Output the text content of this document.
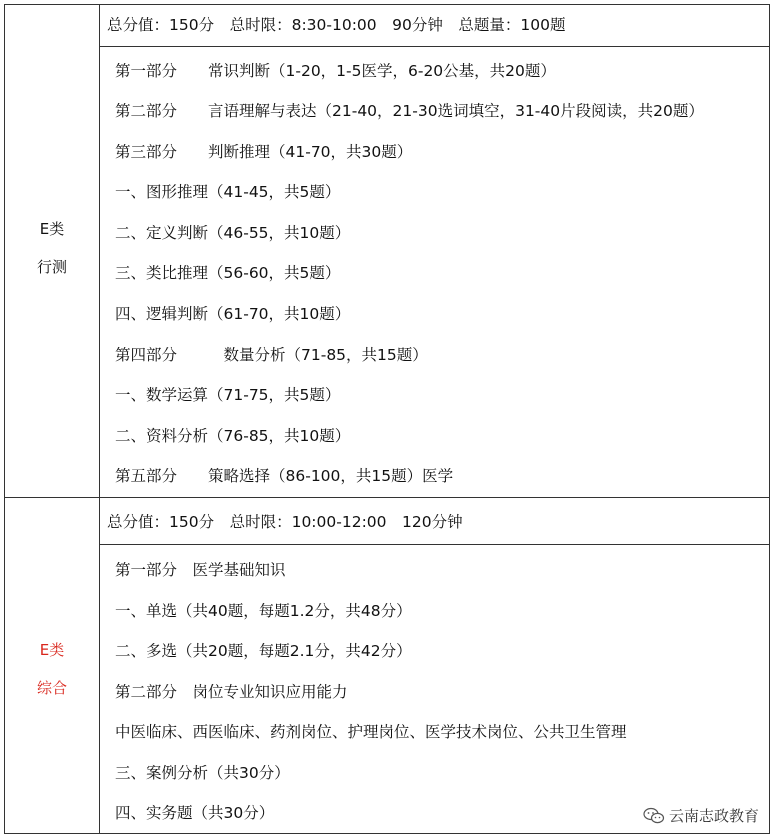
E类
行测
总分值：150分　总时限：8:30-10:00　90分钟　总题量：100题
第一部分　　常识判断（1-20，1-5医学，6-20公基，共20题）
第二部分　　言语理解与表达（21-40，21-30选词填空，31-40片段阅读，共20题）
第三部分　　判断推理（41-70，共30题）
一、图形推理（41-45，共5题）
二、定义判断（46-55，共10题）
三、类比推理（56-60，共5题）
四、逻辑判断（61-70，共10题）
第四部分　　　数量分析（71-85，共15题）
一、数学运算（71-75，共5题）
二、资料分析（76-85，共10题）
第五部分　　策略选择（86-100，共15题）医学
E类
综合
总分值：150分　总时限：10:00-12:00　120分钟
第一部分　医学基础知识
一、单选（共40题，每题1.2分，共48分）
二、多选（共20题，每题2.1分，共42分）
第二部分　岗位专业知识应用能力
中医临床、西医临床、药剂岗位、护理岗位、医学技术岗位、公共卫生管理
三、案例分析（共30分）
四、实务题（共30分）	云南志政教育
